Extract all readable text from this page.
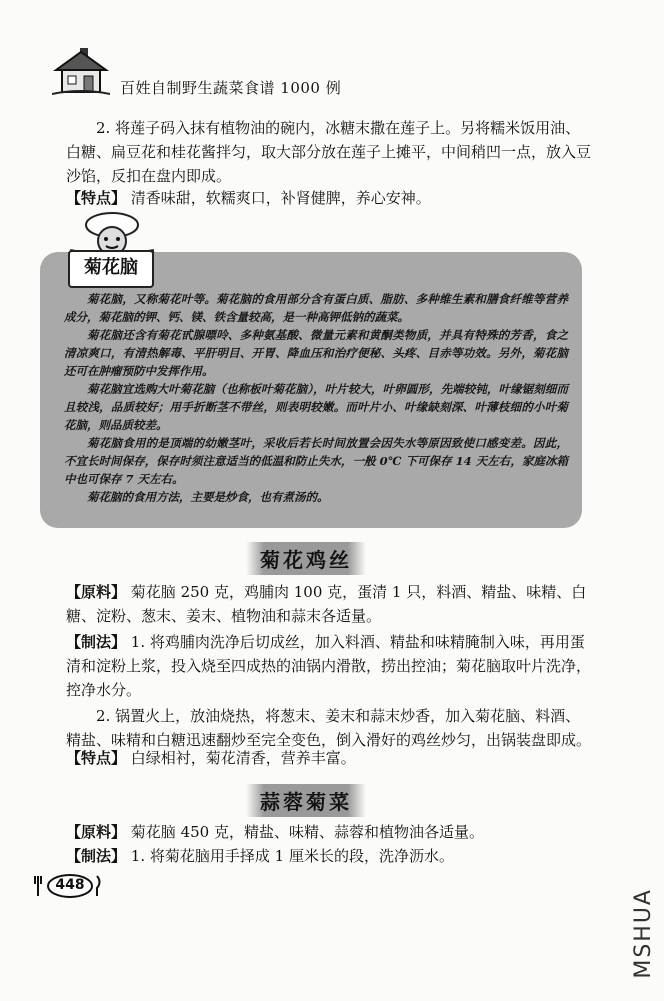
百姓自制野生蔬菜食谱 1000 例
2. 将莲子码入抹有植物油的碗内，冰糖末撒在莲子上。另将糯米饭用油、白糖、扁豆花和桂花酱拌匀，取大部分放在莲子上摊平，中间稍凹一点，放入豆沙馅，反扣在盘内即成。
【特点】 清香味甜，软糯爽口，补肾健脾，养心安神。

菊花脑，又称菊花叶等。菊花脑的食用部分含有蛋白质、脂肪、多种维生素和膳食纤维等营养成分，菊花脑的钾、钙、镁、铁含量较高，是一种高钾低钠的蔬菜。

菊花脑还含有菊花甙腺嘌呤、多种氨基酸、微量元素和黄酮类物质，并具有特殊的芳香，食之清凉爽口，有清热解毒、平肝明目、开胃、降血压和治疗便秘、头疼、目赤等功效。另外，菊花脑还可在肿瘤预防中发挥作用。

菊花脑宜选购大叶菊花脑（也称板叶菊花脑），叶片较大，叶卵圆形，先端较钝，叶缘锯刻细而且较浅，品质较好；用手折断茎不带丝，则表明较嫩。而叶片小、叶缘缺刻深、叶薄枝细的小叶菊花脑，则品质较差。

菊花脑食用的是顶端的幼嫩茎叶，采收后若长时间放置会因失水等原因致使口感变差。因此，不宜长时间保存，保存时须注意适当的低温和防止失水，一般 0℃ 下可保存 14 天左右，家庭冰箱中也可保存 7 天左右。

菊花脑的食用方法，主要是炒食，也有煮汤的。

菊花脑
菊花鸡丝
【原料】 菊花脑 250 克，鸡脯肉 100 克，蛋清 1 只，料酒、精盐、味精、白糖、淀粉、葱末、姜末、植物油和蒜末各适量。
【制法】 1. 将鸡脯肉洗净后切成丝，加入料酒、精盐和味精腌制入味，再用蛋清和淀粉上浆，投入烧至四成热的油锅内滑散，捞出控油；菊花脑取叶片洗净，控净水分。
2. 锅置火上，放油烧热，将葱末、姜末和蒜末炒香，加入菊花脑、料酒、精盐、味精和白糖迅速翻炒至完全变色，倒入滑好的鸡丝炒匀，出锅装盘即成。
【特点】 白绿相衬，菊花清香，营养丰富。
蒜蓉菊菜
【原料】 菊花脑 450 克，精盐、味精、蒜蓉和植物油各适量。
【制法】 1. 将菊花脑用手择成 1 厘米长的段，洗净沥水。
448
MSHUA
